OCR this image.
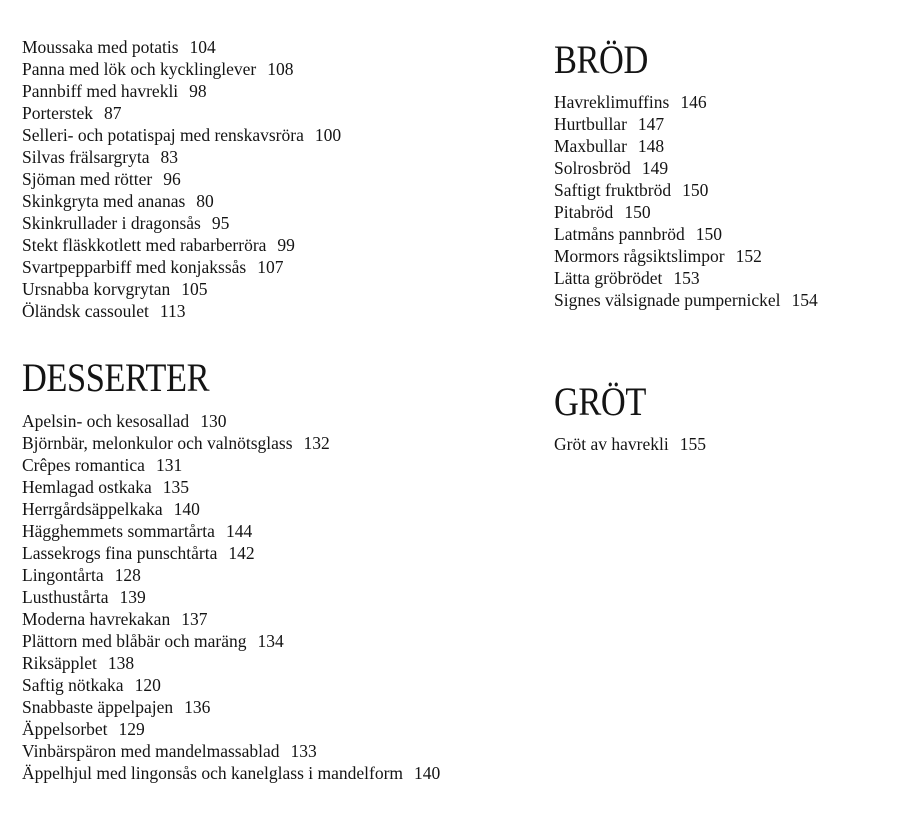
Moussaka med potatis 104
Panna med lök och kycklinglever 108
Pannbiff med havrekli 98
Porterstek 87
Selleri- och potatispaj med renskavsröra 100
Silvas frälsargryta 83
Sjöman med rötter 96
Skinkgryta med ananas 80
Skinkrullader i dragonsås 95
Stekt fläskkotlett med rabarberröra 99
Svartpepparbiff med konjakssås 107
Ursnabba korvgrytan 105
Öländsk cassoulet 113
DESSERTER
Apelsin- och kesosallad 130
Björnbär, melonkulor och valnötsglass 132
Crêpes romantica 131
Hemlagad ostkaka 135
Herrgårdsäppelkaka 140
Hägghemmets sommartårta 144
Lassekrogs fina punschtårta 142
Lingontårta 128
Lusthustårta 139
Moderna havrekakan 137
Plättorn med blåbär och maräng 134
Riksäpplet 138
Saftig nötkaka 120
Snabbaste äppelpajen 136
Äppelsorbet 129
Vinbärspäron med mandelmassablad 133
Äppelhjul med lingonsås och kanelglass i mandelform 140
BRÖD
Havreklimuffins 146
Hurtbullar 147
Maxbullar 148
Solrosbröd 149
Saftigt fruktbröd 150
Pitabröd 150
Latmåns pannbröd 150
Mormors rågsiktslimpor 152
Lätta gröbrödet 153
Signes välsignade pumpernickel 154
GRÖT
Gröt av havrekli 155
